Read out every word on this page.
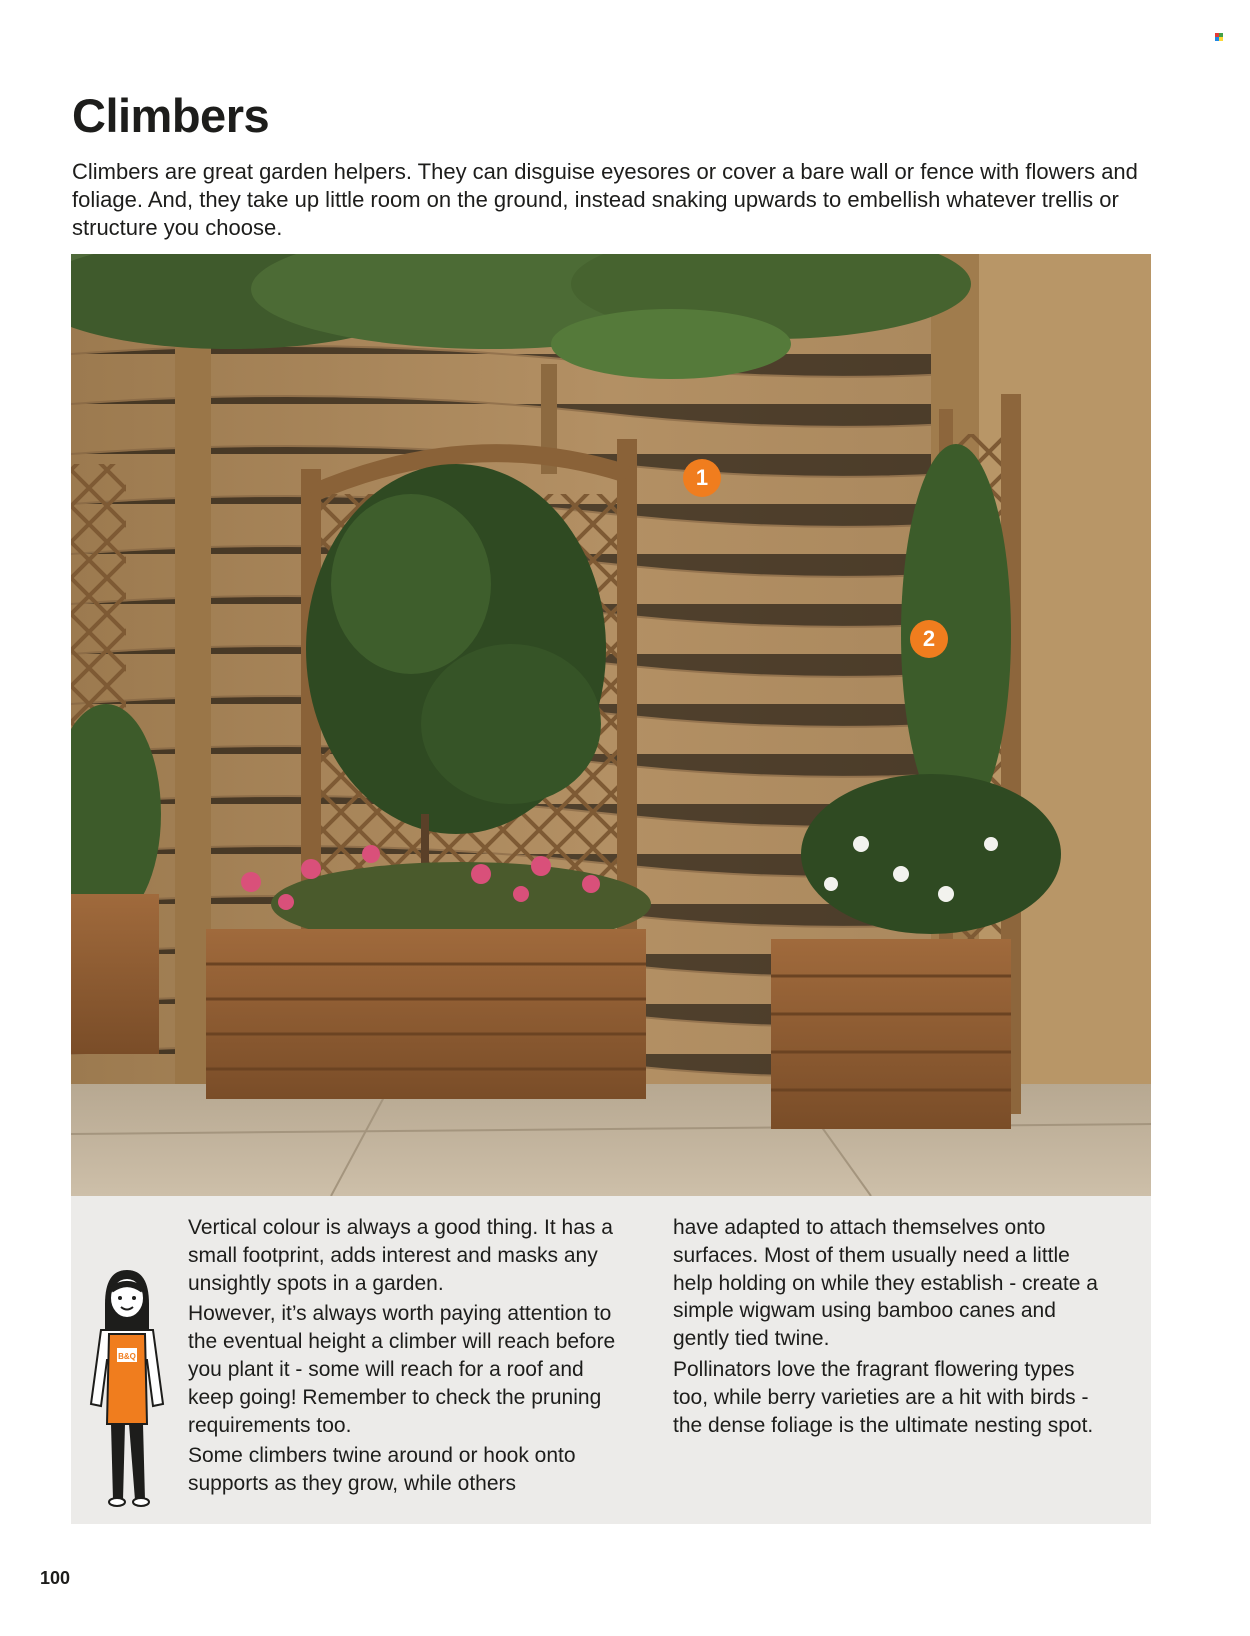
Climbers

Climbers are great garden helpers. They can disguise eyesores or cover a bare wall or fence with flowers and foliage. And, they take up little room on the ground, instead snaking upwards to embellish whatever trellis or structure you choose.

1
2
B&Q

Vertical colour is always a good thing. It has a small footprint, adds interest and masks any unsightly spots in a garden.

However, it’s always worth paying attention to the eventual height a climber will reach before you plant it - some will reach for a roof and keep going! Remember to check the pruning requirements too.

Some climbers twine around or hook onto supports as they grow, while others

have adapted to attach themselves onto surfaces. Most of them usually need a little help holding on while they establish - create a simple wigwam using bamboo canes and gently tied twine.

Pollinators love the fragrant flowering types too, while berry varieties are a hit with birds - the dense foliage is the ultimate nesting spot.

100
